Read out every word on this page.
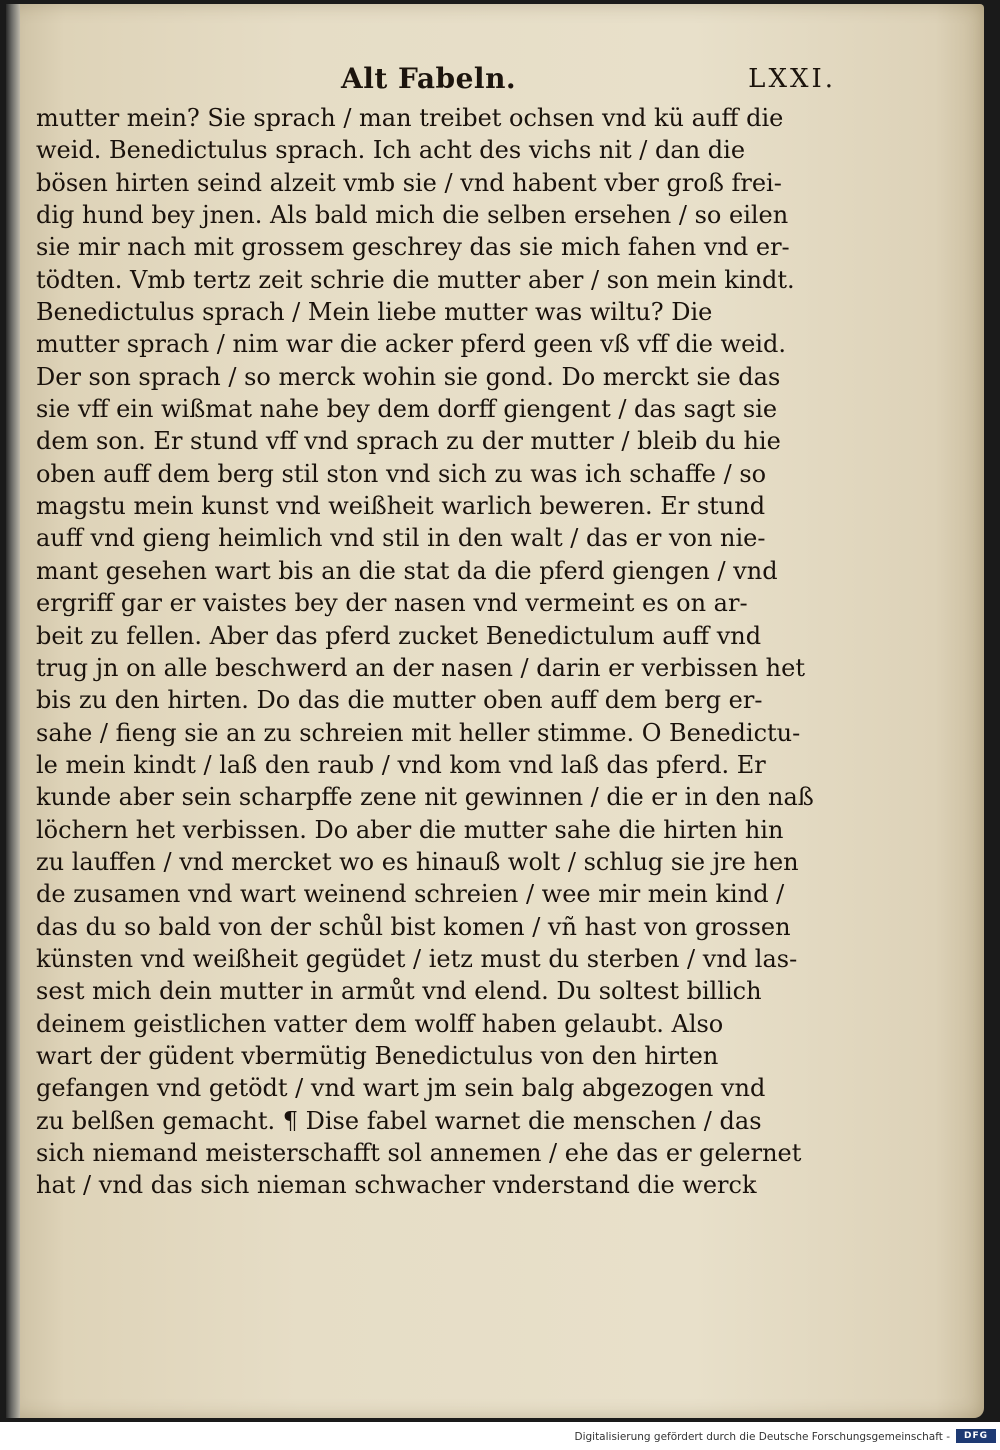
Alt Fabeln.	LXXI.
mutter mein? Sie sprach / man treibet ochsen vnd kü auff die
weid. Benedictulus sprach. Ich acht des vichs nit / dan die
bösen hirten seind alzeit vmb sie / vnd habent vber groß frei-
dig hund bey jnen. Als bald mich die selben ersehen / so eilen
sie mir nach mit grossem geschrey das sie mich fahen vnd er-
tödten. Vmb tertz zeit schrie die mutter aber / son mein kindt.
Benedictulus sprach / Mein liebe mutter was wiltu? Die
mutter sprach / nim war die acker pferd geen vß vff die weid.
Der son sprach / so merck wohin sie gond. Do merckt sie das
sie vff ein wißmat nahe bey dem dorff giengent / das sagt sie
dem son. Er stund vff vnd sprach zu der mutter / bleib du hie
oben auff dem berg stil ston vnd sich zu was ich schaffe / so
magstu mein kunst vnd weißheit warlich beweren. Er stund
auff vnd gieng heimlich vnd stil in den walt / das er von nie-
mant gesehen wart bis an die stat da die pferd giengen / vnd
ergriff gar er vaistes bey der nasen vnd vermeint es on ar-
beit zu fellen. Aber das pferd zucket Benedictulum auff vnd
trug jn on alle beschwerd an der nasen / darin er verbissen het
bis zu den hirten. Do das die mutter oben auff dem berg er-
sahe / fieng sie an zu schreien mit heller stimme. O Benedictu-
le mein kindt / laß den raub / vnd kom vnd laß das pferd. Er
kunde aber sein scharpffe zene nit gewinnen / die er in den naß
löchern het verbissen. Do aber die mutter sahe die hirten hin
zu lauffen / vnd mercket wo es hinauß wolt / schlug sie jre hen
de zusamen vnd wart weinend schreien / wee mir mein kind /
das du so bald von der schůl bist komen / vñ hast von grossen
künsten vnd weißheit gegüdet / ietz must du sterben / vnd las-
sest mich dein mutter in armůt vnd elend. Du soltest billich
deinem geistlichen vatter dem wolff haben gelaubt. Also
wart der güdent vbermütig Benedictulus von den hirten
gefangen vnd getödt / vnd wart jm sein balg abgezogen vnd
zu belßen gemacht. ¶ Dise fabel warnet die menschen / das
sich niemand meisterschafft sol annemen / ehe das er gelernet
hat / vnd das sich nieman schwacher vnderstand die werck
Digitalisierung gefördert durch die Deutsche Forschungsgemeinschaft -	DFG
